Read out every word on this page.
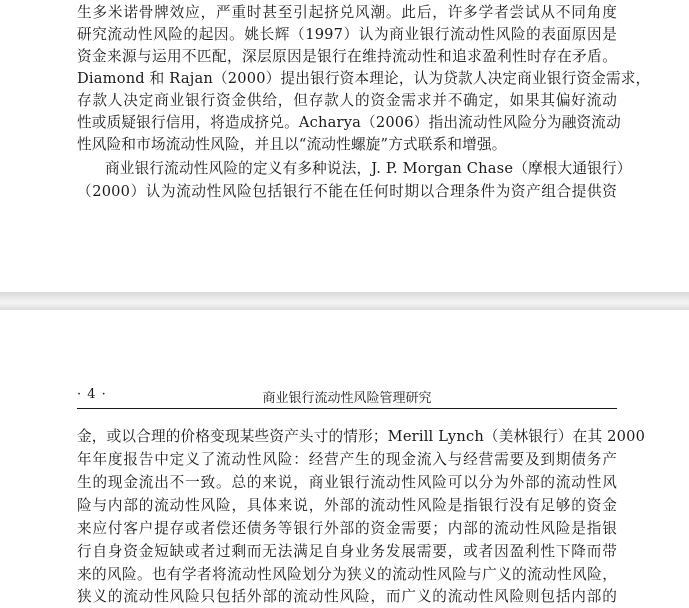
生多米诺骨牌效应，严重时甚至引起挤兑风潮。此后，许多学者尝试从不同角度
研究流动性风险的起因。姚长辉（1997）认为商业银行流动性风险的表面原因是
资金来源与运用不匹配，深层原因是银行在维持流动性和追求盈利性时存在矛盾。
Diamond 和 Rajan（2000）提出银行资本理论，认为贷款人决定商业银行资金需求，
存款人决定商业银行资金供给，但存款人的资金需求并不确定，如果其偏好流动
性或质疑银行信用，将造成挤兑。Acharya（2006）指出流动性风险分为融资流动
性风险和市场流动性风险，并且以“流动性螺旋”方式联系和增强。
商业银行流动性风险的定义有多种说法，J. P. Morgan Chase（摩根大通银行）
（2000）认为流动性风险包括银行不能在任何时期以合理条件为资产组合提供资
· 4 ·	商业银行流动性风险管理研究
金，或以合理的价格变现某些资产头寸的情形；Merill Lynch（美林银行）在其 2000
年年度报告中定义了流动性风险：经营产生的现金流入与经营需要及到期债务产
生的现金流出不一致。总的来说，商业银行流动性风险可以分为外部的流动性风
险与内部的流动性风险，具体来说，外部的流动性风险是指银行没有足够的资金
来应付客户提存或者偿还债务等银行外部的资金需要；内部的流动性风险是指银
行自身资金短缺或者过剩而无法满足自身业务发展需要，或者因盈利性下降而带
来的风险。也有学者将流动性风险划分为狭义的流动性风险与广义的流动性风险，
狭义的流动性风险只包括外部的流动性风险，而广义的流动性风险则包括内部的
